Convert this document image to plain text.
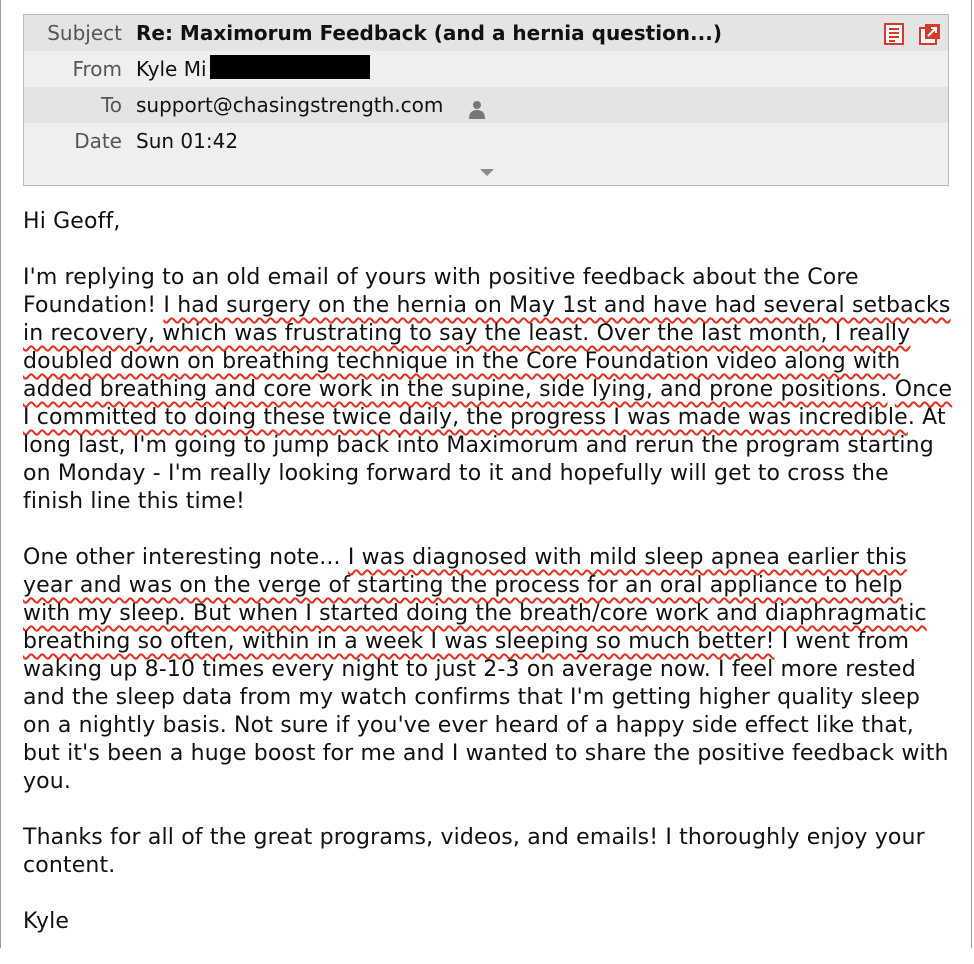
Subject Re: Maximorum Feedback (and a hernia question...)
From Kyle Mi
To support@chasingstrength.com
Date Sun 01:42

Hi Geoff,

I'm replying to an old email of yours with positive feedback about the Core Foundation! I had surgery on the hernia on May 1st and have had several setbacks in recovery, which was frustrating to say the least. Over the last month, I really doubled down on breathing technique in the Core Foundation video along with added breathing and core work in the supine, side lying, and prone positions. Once I committed to doing these twice daily, the progress I was made was incredible. At long last, I'm going to jump back into Maximorum and rerun the program starting on Monday - I'm really looking forward to it and hopefully will get to cross the finish line this time!

One other interesting note... I was diagnosed with mild sleep apnea earlier this year and was on the verge of starting the process for an oral appliance to help with my sleep. But when I started doing the breath/core work and diaphragmatic breathing so often, within in a week I was sleeping so much better! I went from waking up 8-10 times every night to just 2-3 on average now. I feel more rested and the sleep data from my watch confirms that I'm getting higher quality sleep on a nightly basis. Not sure if you've ever heard of a happy side effect like that, but it's been a huge boost for me and I wanted to share the positive feedback with you.

Thanks for all of the great programs, videos, and emails! I thoroughly enjoy your content.

Kyle
